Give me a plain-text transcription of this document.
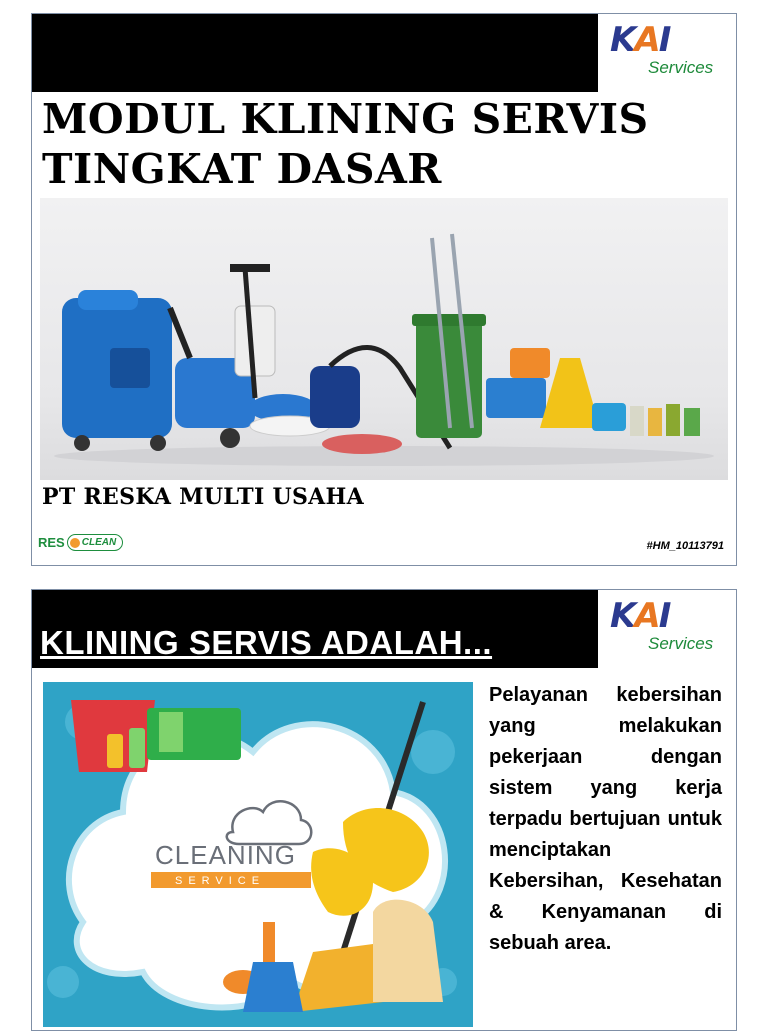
KAI
Services
MODUL KLINING SERVIS
TINGKAT DASAR
PT RESKA MULTI USAHA
RES CLEAN	#HM_10113791
KLINING SERVIS ADALAH...
KAI
Services
CLEANING
SERVICE
Pelayanan kebersihan yang melakukan pekerjaan dengan sistem yang kerja terpadu bertujuan untuk menciptakan Kebersihan, Kesehatan & Kenyamanan di sebuah area.
